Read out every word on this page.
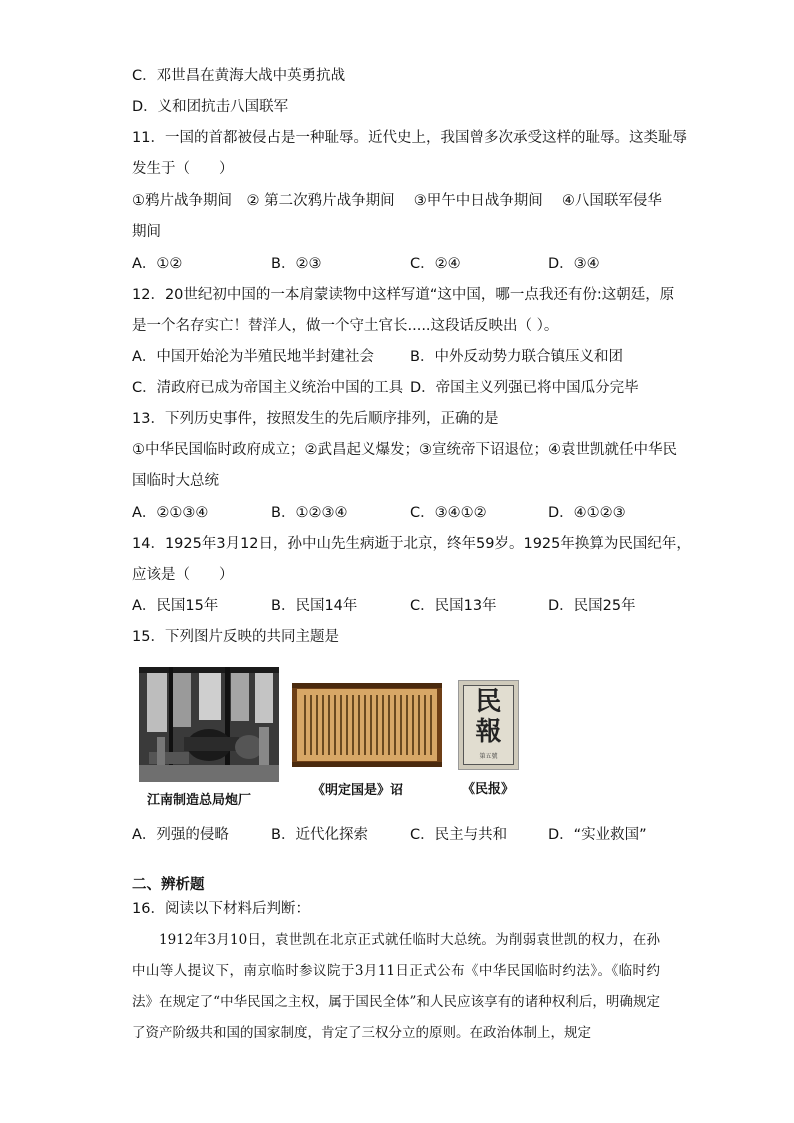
C．邓世昌在黄海大战中英勇抗战
D．义和团抗击八国联军
11．一国的首都被侵占是一种耻辱。近代史上，我国曾多次承受这样的耻辱。这类耻辱
发生于（　　）
①鸦片战争期间　② 第二次鸦片战争期间　 ③甲午中日战争期间　 ④八国联军侵华
期间
A．①②	B．②③	C．②④	D．③④
12．20世纪初中国的一本肩蒙读物中这样写道“这中国，哪一点我还有份:这朝廷，原
是一个名存实亡！替洋人，做一个守土官长.....这段话反映出（ ）。
A．中国开始沦为半殖民地半封建社会 B．中外反动势力联合镇压义和团
C．清政府已成为帝国主义统治中国的工具 D．帝国主义列强已将中国瓜分完毕
13．下列历史事件，按照发生的先后顺序排列，正确的是
①中华民国临时政府成立；②武昌起义爆发；③宣统帝下诏退位；④袁世凯就任中华民
国临时大总统
A．②①③④	B．①②③④	C．③④①②	D．④①②③
14．1925年3月12日，孙中山先生病逝于北京，终年59岁。1925年换算为民国纪年，
应该是（　　）
A．民国15年	B．民国14年	C．民国13年	D．民国25年
15．下列图片反映的共同主题是
江南制造总局炮厂
《明定国是》诏
民
報
第五號
《民报》
A．列强的侵略	B．近代化探索	C．民主与共和	D．“实业救国”
二、辨析题
16．阅读以下材料后判断：

1912年3月10日，袁世凯在北京正式就任临时大总统。为削弱袁世凯的权力，在孙中山等人提议下，南京临时参议院于3月11日正式公布《中华民国临时约法》。《临时约法》在规定了“中华民国之主权，属于国民全体”和人民应该享有的诸种权利后，明确规定了资产阶级共和国的国家制度，肯定了三权分立的原则。在政治体制上，规定
